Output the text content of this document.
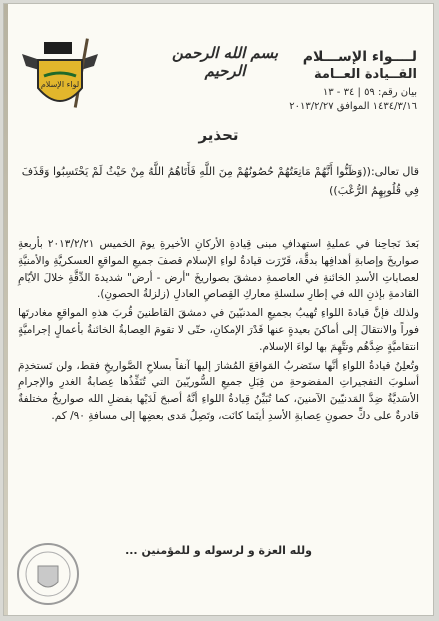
لــــواء الإســـلام
القــيادة العــامة
بيان رقم: ٥٩ | ٣٤ - ١٣
١٤٣٤/٣/١٦ الموافق ٢٠١٣/٢/٢٧
بسم الله الرحمن الرحيم
لواء الإسلام
تحذير
قال تعالى:((وَظَنُّوا أَنَّهُمْ مَانِعَتُهُمْ حُصُونُهُمْ مِنَ اللَّهِ فَأَتَاهُمُ اللَّهُ مِنْ حَيْثُ لَمْ يَحْتَسِبُوا وَقَذَفَ فِي قُلُوبِهِمُ الرُّعْبَ))

بَعدَ نَجاحِنا في عمليةِ استهدافِ مبنى قِيادةِ الأركانِ الأخيرةِ يومَ الخميس ٢٠١٣/٢/٢١ بأربعةِ صواريخَ وإصابةِ أهدافِها بدقَّة، قَرّرَت قيادةُ لواءِ الإسلام قصفَ جميعِ المواقعِ العسكريَّةِ والأمنيَّةِ لعصاباتِ الأسدِ الخائنةِ في العاصمةِ دمشقَ بصواريخَ "أرض - أرض" شديدةَ الدِّقَّةِ خلالَ الأيّامِ القادمةِ بإذنِ الله في إطارِ سلسلةِ معاركِ القِصاصِ العادلِ (زلزلةُ الحصونِ).

ولذلك فإنَّ قيادةَ اللواءِ تُهيبُ بجميعِ المدنيّينَ في دمشقَ القاطنينَ قُربَ هذهِ المواقعِ مغادرتَها فوراً والانتقالَ إلى أماكنَ بعيدةٍ عنها قَدْرَ الإمكانِ، حتّى لا تقومَ العِصابةُ الخائنةُ بأعمالٍ إجراميَّةٍ انتقاميَّةٍ ضِدَّهُم وتتَّهِمَ بها لواءَ الإسلام.

وتُعلِنُ قيادةُ اللواءِ أنَّها ستَضربُ المَواقعَ المُشارَ إليها آنفاً بسلاحِ الصَّواريخِ فقط، ولن تَستخدِمَ أسلوبَ التفجيراتِ المفضوحةِ من قِبَلِ جميعِ السُّوريّينَ التي تُنَفِّذُها عِصابةُ الغدرِ والإجرامِ الأسَديَّةُ ضِدَّ المَدنيّينَ الآمنينَ، كما تُبَيِّنُ قِيادةُ اللواءِ أنَّهُ أصبحَ لَدَيْها بفضلِ الله صواريخُ مختلفةٌ قادرةٌ على دكِّ حصونِ عِصابةِ الأسدِ أينَما كانَت، وتَصِلُ مَدى بعضِها إلى مسافةِ ٩٠/ كم.

ولله العزة و لرسوله و للمؤمنين ...
